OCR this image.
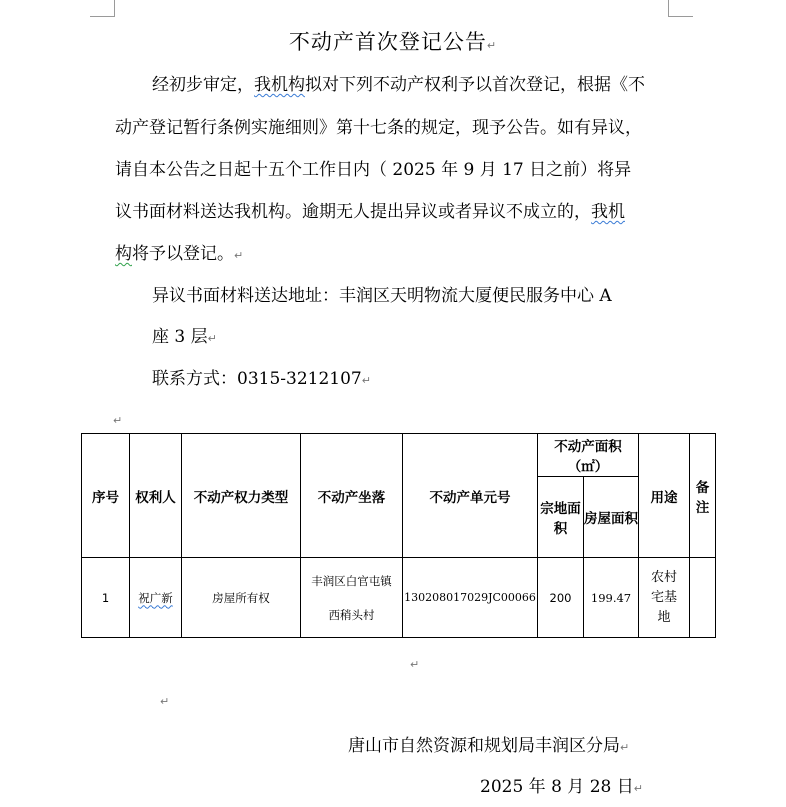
不动产首次登记公告↵
经初步审定，我机构拟对下列不动产权利予以首次登记，根据《不
动产登记暂行条例实施细则》第十七条的规定，现予公告。如有异议，
请自本公告之日起十五个工作日内（ 2025 年 9 月 17 日之前）将异
议书面材料送达我机构。逾期无人提出异议或者异议不成立的，我机
构将予以登记。↵
异议书面材料送达地址：丰润区天明物流大厦便民服务中心 A
座 3 层↵
联系方式：0315-3212107↵
↵
序号	权利人	不动产权力类型	不动产坐落	不动产单元号	不动产面积（㎡）		用途	备注
					宗地面积	房屋面积		
1	祝广新	房屋所有权	丰润区白官屯镇
西稍头村	130208017029JC00066	200	199.47	农村宅基地	
↵
↵
唐山市自然资源和规划局丰润区分局↵
2025 年 8 月 28 日↵
